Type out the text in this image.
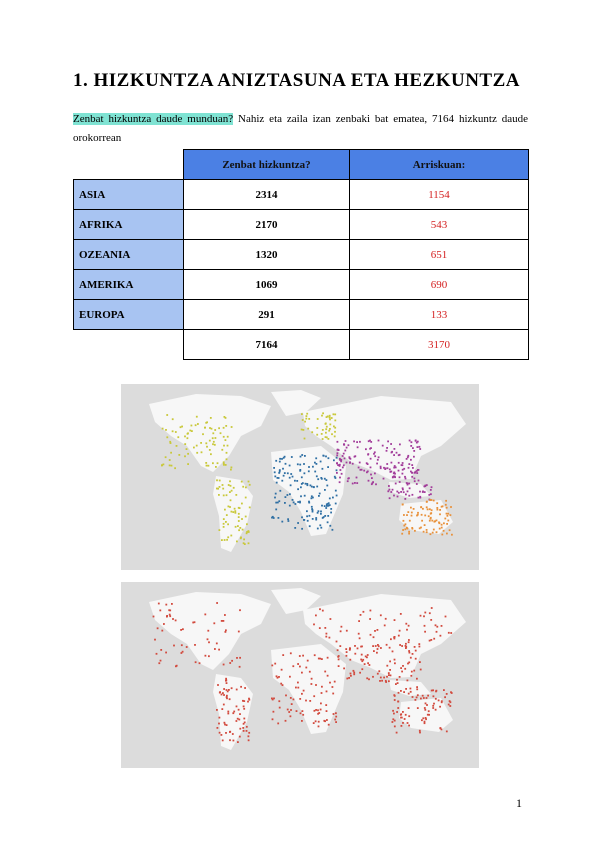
1. HIZKUNTZA ANIZTASUNA ETA HEZKUNTZA

Zenbat hizkuntza daude munduan? Nahiz eta zaila izan zenbaki bat ematea, 7164 hizkuntz daude orokorrean

	Zenbat hizkuntza?	Arriskuan:
ASIA	2314	1154
AFRIKA	2170	543
OZEANIA	1320	651
AMERIKA	1069	690
EUROPA	291	133
	7164	3170
1
